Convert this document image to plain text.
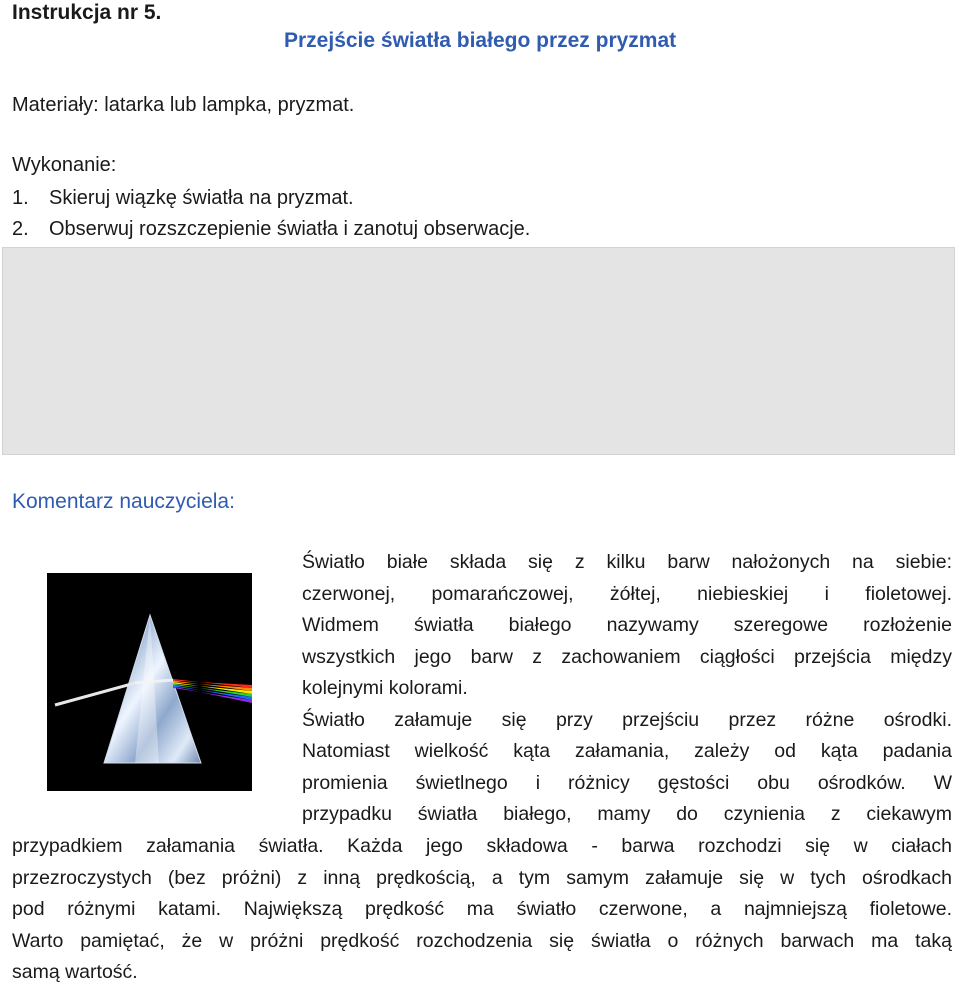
Instrukcja nr 5.
Przejście światła białego przez pryzmat

Materiały: latarka lub lampka, pryzmat.

Wykonanie:

1.	Skieruj wiązkę światła na pryzmat.
2.	Obserwuj rozszczepienie światła i zanotuj obserwacje.

Komentarz nauczyciela:

Światło białe składa się z kilku barw nałożonych na siebie:
czerwonej, pomarańczowej, żółtej, niebieskiej i fioletowej.
Widmem światła białego nazywamy szeregowe rozłożenie
wszystkich jego barw z zachowaniem ciągłości przejścia między
kolejnymi kolorami.
Światło załamuje się przy przejściu przez różne ośrodki.
Natomiast wielkość kąta załamania, zależy od kąta padania
promienia świetlnego i różnicy gęstości obu ośrodków. W
przypadku światła białego, mamy do czynienia z ciekawym
przypadkiem załamania światła. Każda jego składowa - barwa rozchodzi się w ciałach
przezroczystych (bez próżni) z inną prędkością, a tym samym załamuje się w tych ośrodkach
pod różnymi katami. Największą prędkość ma światło czerwone, a najmniejszą fioletowe.
Warto pamiętać, że w próżni prędkość rozchodzenia się światła o różnych barwach ma taką
samą wartość.
